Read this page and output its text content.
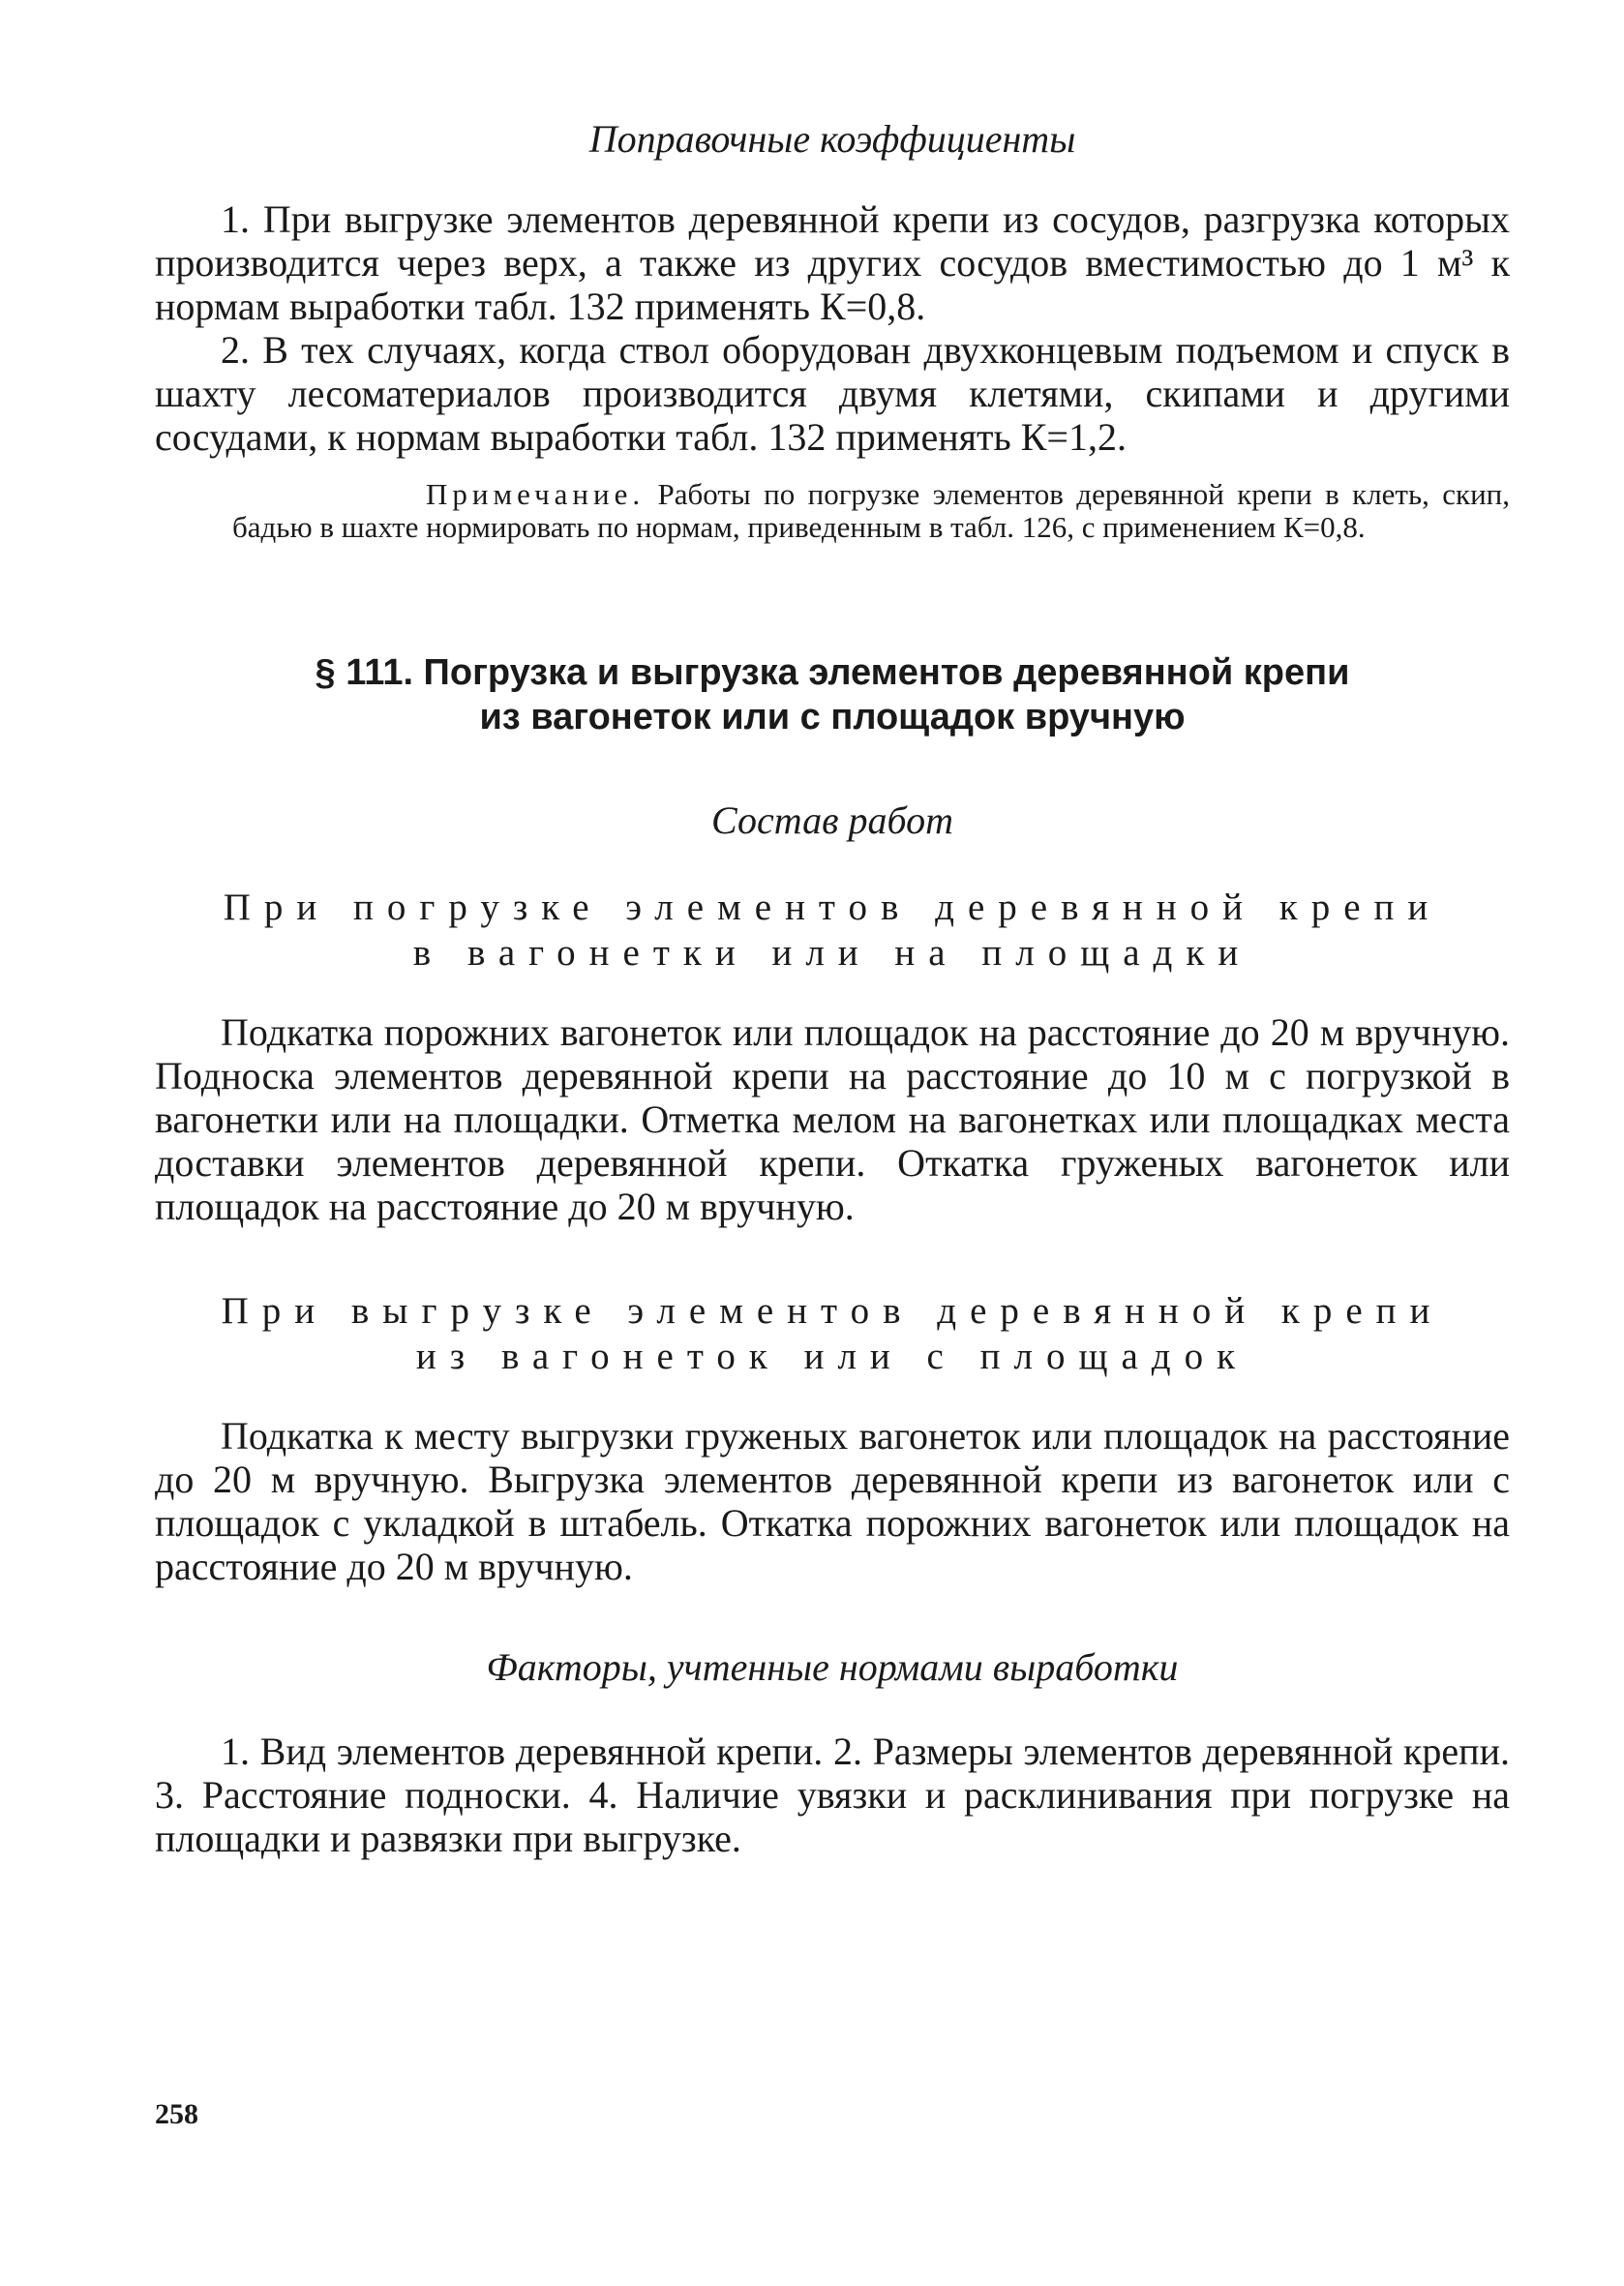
Поправочные коэффициенты

1. При выгрузке элементов деревянной крепи из сосудов, разгрузка которых производится через верх, а также из других сосудов вместимостью до 1 м³ к нормам выработки табл. 132 применять К=0,8.

2. В тех случаях, когда ствол оборудован двухконцевым подъемом и спуск в шахту лесоматериалов производится двумя клетями, скипами и другими сосудами, к нормам выработки табл. 132 применять К=1,2.

Примечание. Работы по погрузке элементов деревянной крепи в клеть, скип, бадью в шахте нормировать по нормам, приведенным в табл. 126, с применением К=0,8.

§ 111. Погрузка и выгрузка элементов деревянной крепи
из вагонеток или с площадок вручную

Состав работ

При погрузке элементов деревянной крепи
в вагонетки или на площадки

Подкатка порожних вагонеток или площадок на расстояние до 20 м вручную. Подноска элементов деревянной крепи на расстояние до 10 м с погрузкой в вагонетки или на площадки. Отметка мелом на вагонетках или площадках места доставки элементов деревянной крепи. Откатка груженых вагонеток или площадок на расстояние до 20 м вручную.

При выгрузке элементов деревянной крепи
из вагонеток или с площадок

Подкатка к месту выгрузки груженых вагонеток или площадок на расстояние до 20 м вручную. Выгрузка элементов деревянной крепи из вагонеток или с площадок с укладкой в штабель. Откатка порожних вагонеток или площадок на расстояние до 20 м вручную.

Факторы, учтенные нормами выработки

1. Вид элементов деревянной крепи. 2. Размеры элементов деревянной крепи. 3. Расстояние подноски. 4. Наличие увязки и расклинивания при погрузке на площадки и развязки при выгрузке.

258
